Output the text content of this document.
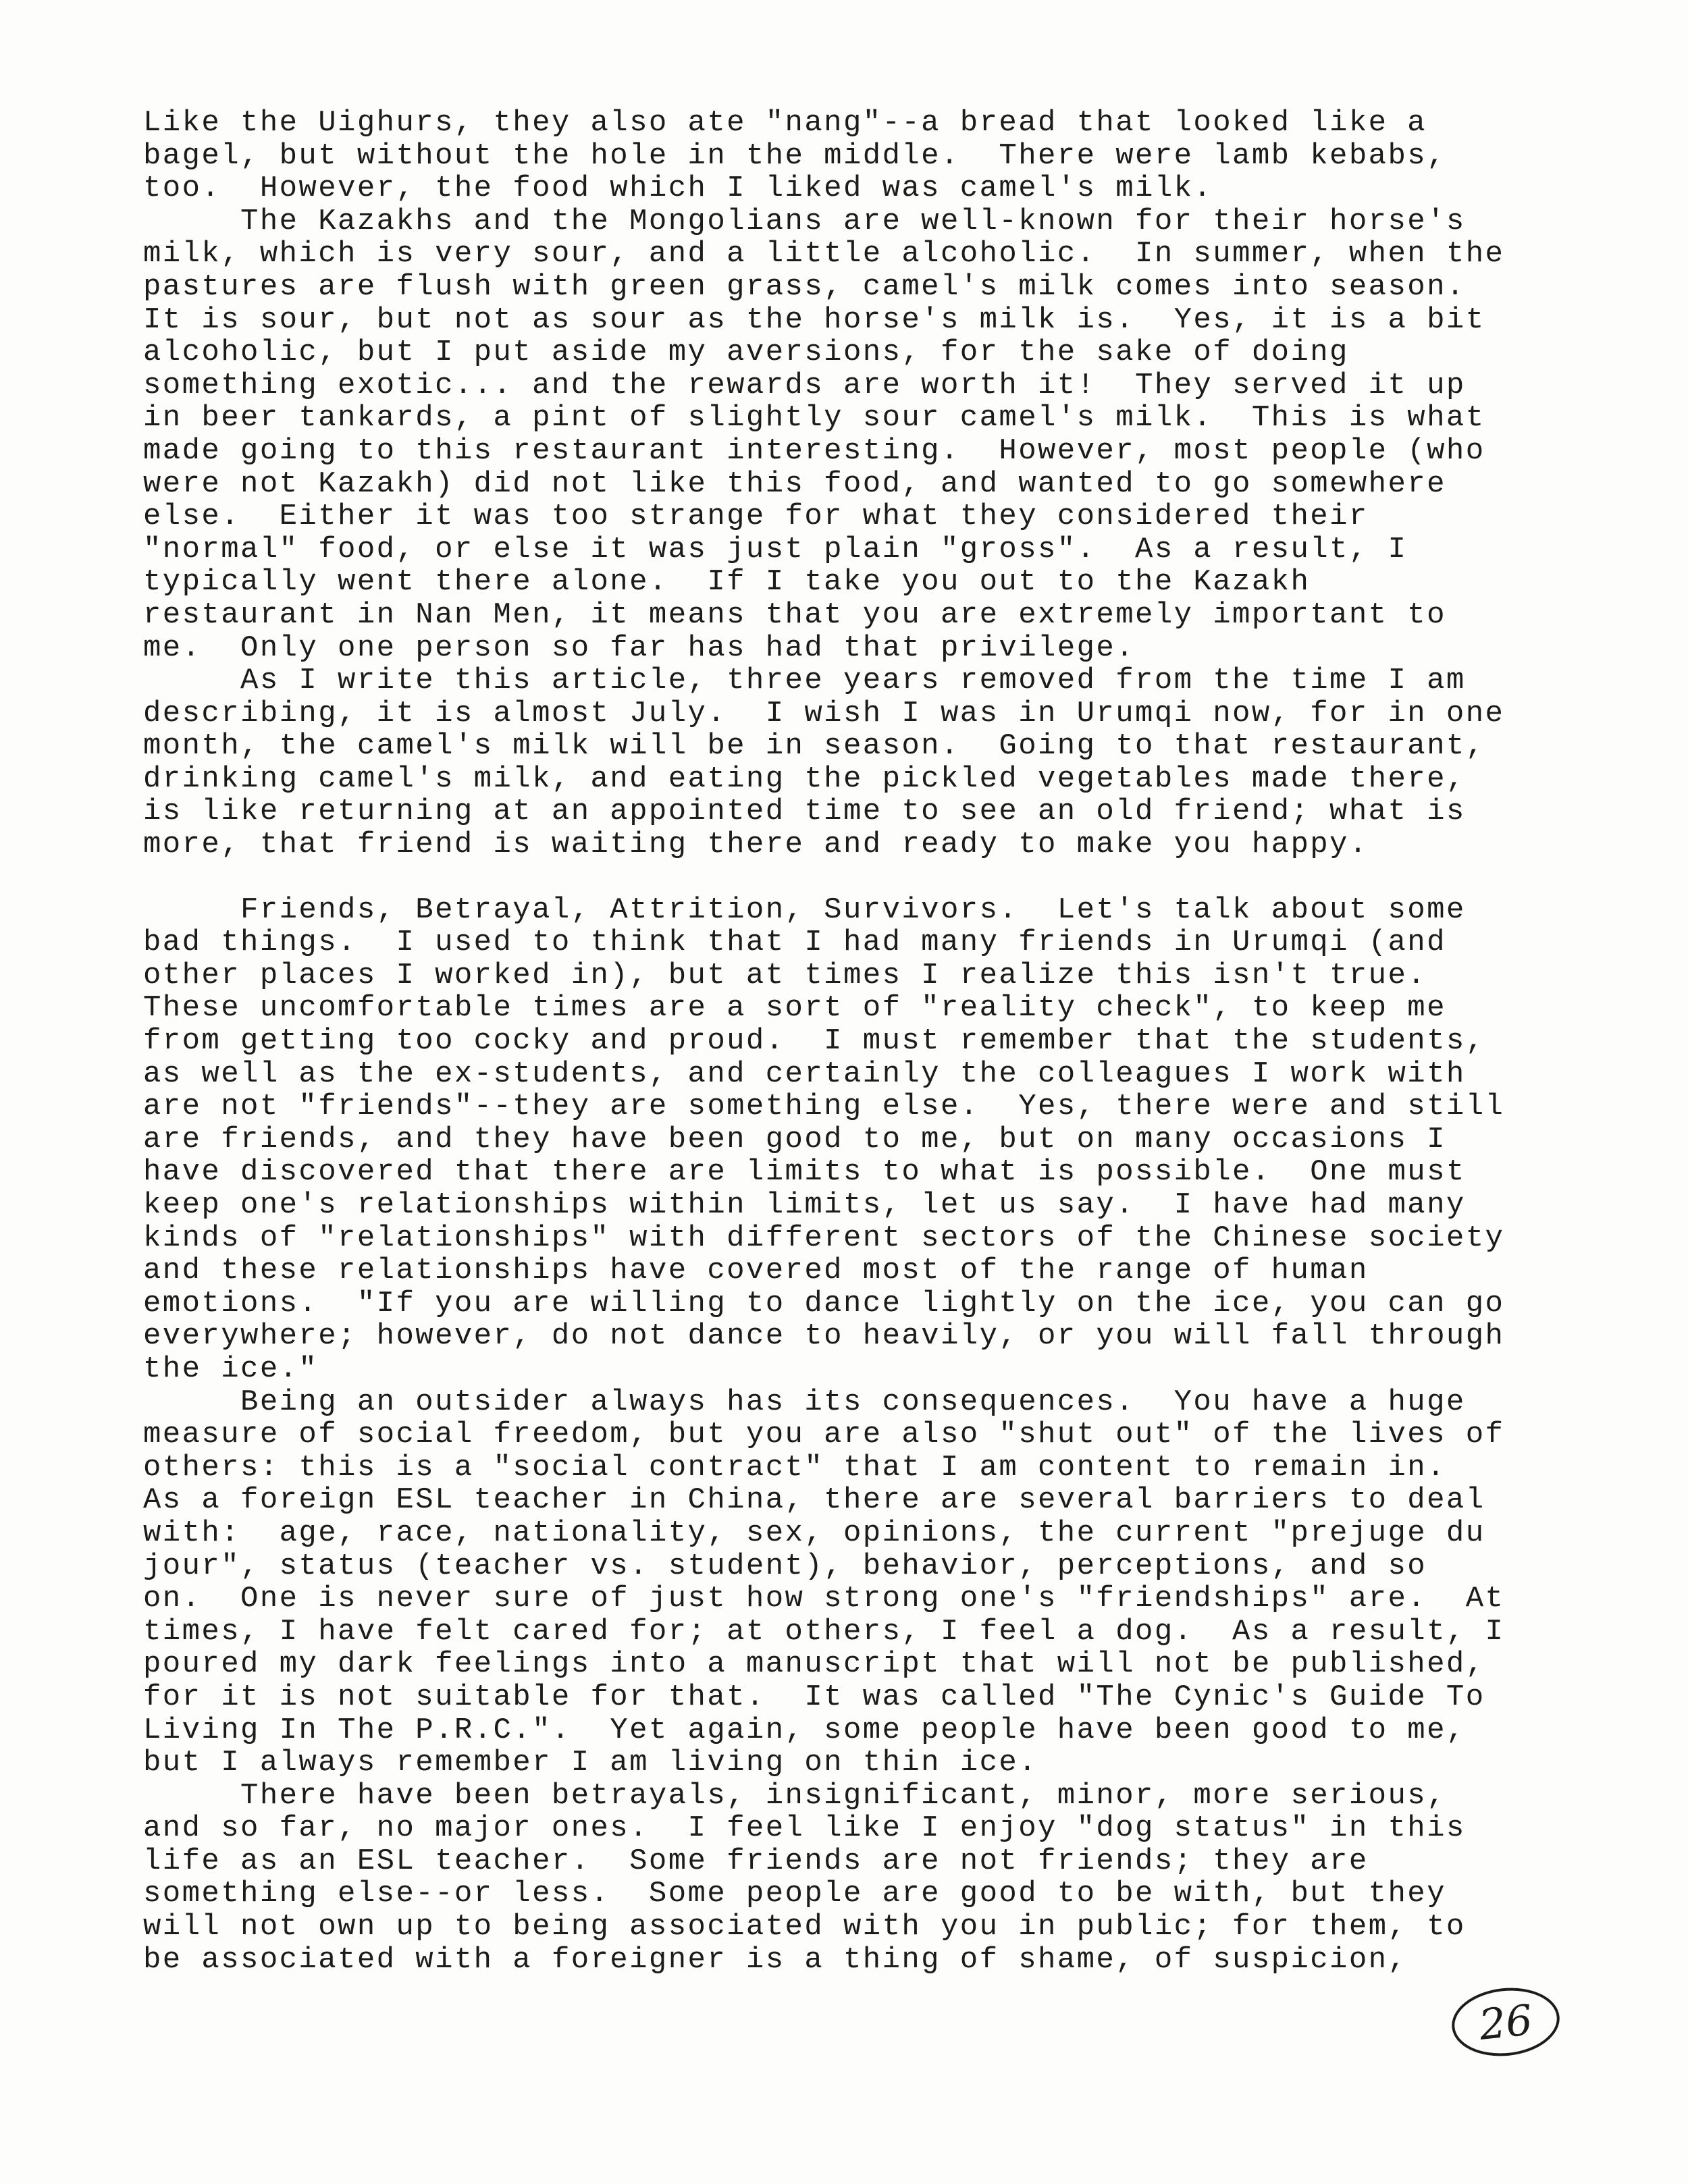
Like the Uighurs, they also ate "nang"--a bread that looked like a
bagel, but without the hole in the middle.  There were lamb kebabs,
too.  However, the food which I liked was camel's milk.
The Kazakhs and the Mongolians are well-known for their horse's
milk, which is very sour, and a little alcoholic.  In summer, when the
pastures are flush with green grass, camel's milk comes into season.
It is sour, but not as sour as the horse's milk is.  Yes, it is a bit
alcoholic, but I put aside my aversions, for the sake of doing
something exotic... and the rewards are worth it!  They served it up
in beer tankards, a pint of slightly sour camel's milk.  This is what
made going to this restaurant interesting.  However, most people (who
were not Kazakh) did not like this food, and wanted to go somewhere
else.  Either it was too strange for what they considered their
"normal" food, or else it was just plain "gross".  As a result, I
typically went there alone.  If I take you out to the Kazakh
restaurant in Nan Men, it means that you are extremely important to
me.  Only one person so far has had that privilege.
As I write this article, three years removed from the time I am
describing, it is almost July.  I wish I was in Urumqi now, for in one
month, the camel's milk will be in season.  Going to that restaurant,
drinking camel's milk, and eating the pickled vegetables made there,
is like returning at an appointed time to see an old friend; what is
more, that friend is waiting there and ready to make you happy.
Friends, Betrayal, Attrition, Survivors.  Let's talk about some
bad things.  I used to think that I had many friends in Urumqi (and
other places I worked in), but at times I realize this isn't true.
These uncomfortable times are a sort of "reality check", to keep me
from getting too cocky and proud.  I must remember that the students,
as well as the ex-students, and certainly the colleagues I work with
are not "friends"--they are something else.  Yes, there were and still
are friends, and they have been good to me, but on many occasions I
have discovered that there are limits to what is possible.  One must
keep one's relationships within limits, let us say.  I have had many
kinds of "relationships" with different sectors of the Chinese society
and these relationships have covered most of the range of human
emotions.  "If you are willing to dance lightly on the ice, you can go
everywhere; however, do not dance to heavily, or you will fall through
the ice."
Being an outsider always has its consequences.  You have a huge
measure of social freedom, but you are also "shut out" of the lives of
others: this is a "social contract" that I am content to remain in.
As a foreign ESL teacher in China, there are several barriers to deal
with:  age, race, nationality, sex, opinions, the current "prejuge du
jour", status (teacher vs. student), behavior, perceptions, and so
on.  One is never sure of just how strong one's "friendships" are.  At
times, I have felt cared for; at others, I feel a dog.  As a result, I
poured my dark feelings into a manuscript that will not be published,
for it is not suitable for that.  It was called "The Cynic's Guide To
Living In The P.R.C.".  Yet again, some people have been good to me,
but I always remember I am living on thin ice.
There have been betrayals, insignificant, minor, more serious,
and so far, no major ones.  I feel like I enjoy "dog status" in this
life as an ESL teacher.  Some friends are not friends; they are
something else--or less.  Some people are good to be with, but they
will not own up to being associated with you in public; for them, to
be associated with a foreigner is a thing of shame, of suspicion,
26
